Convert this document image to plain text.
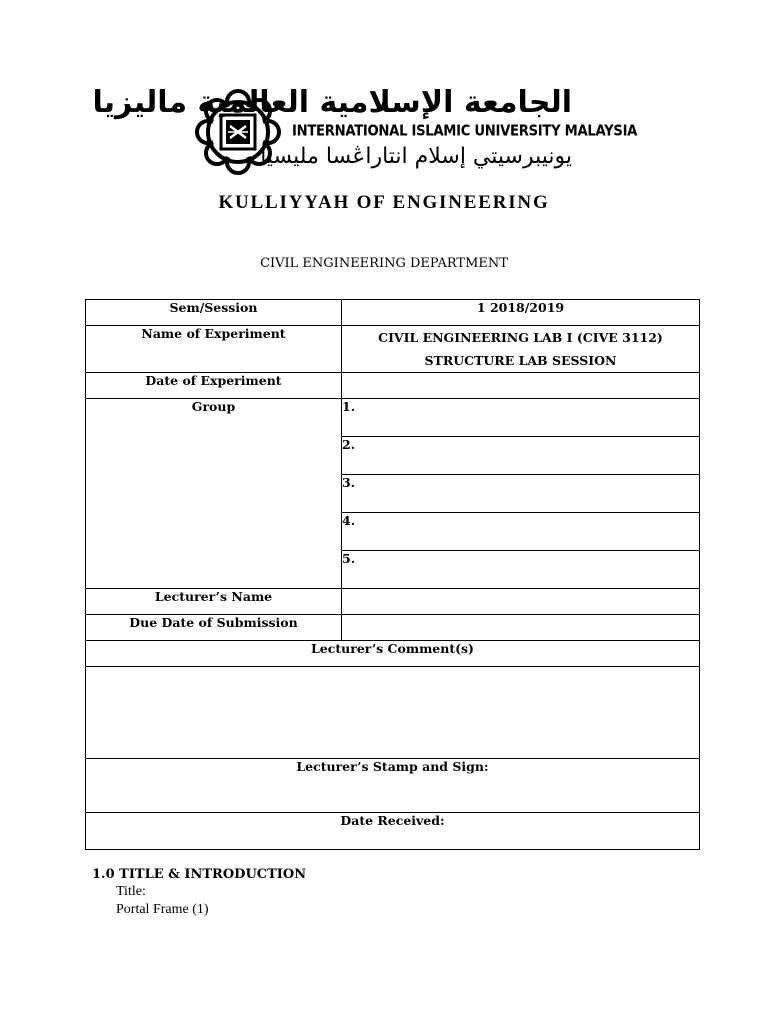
الجامعة الإسلامية العالمية ماليزيا
INTERNATIONAL ISLAMIC UNIVERSITY MALAYSIA
يونيبرسيتي إسلام انتاراڠسا مليسيا
KULLIYYAH OF ENGINEERING
CIVIL ENGINEERING DEPARTMENT
Sem/Session	1 2018/2019
Name of Experiment	CIVIL ENGINEERING LAB I (CIVE 3112)
STRUCTURE LAB SESSION

Date of Experiment	
Group	1.
	2.
	3.
	4.
	5.
Lecturer’s Name	
Due Date of Submission	
Lecturer’s Comment(s)	

Lecturer’s Stamp and Sign:	
Date Received:	
1.0 TITLE & INTRODUCTION
Title:
Portal Frame (1)
